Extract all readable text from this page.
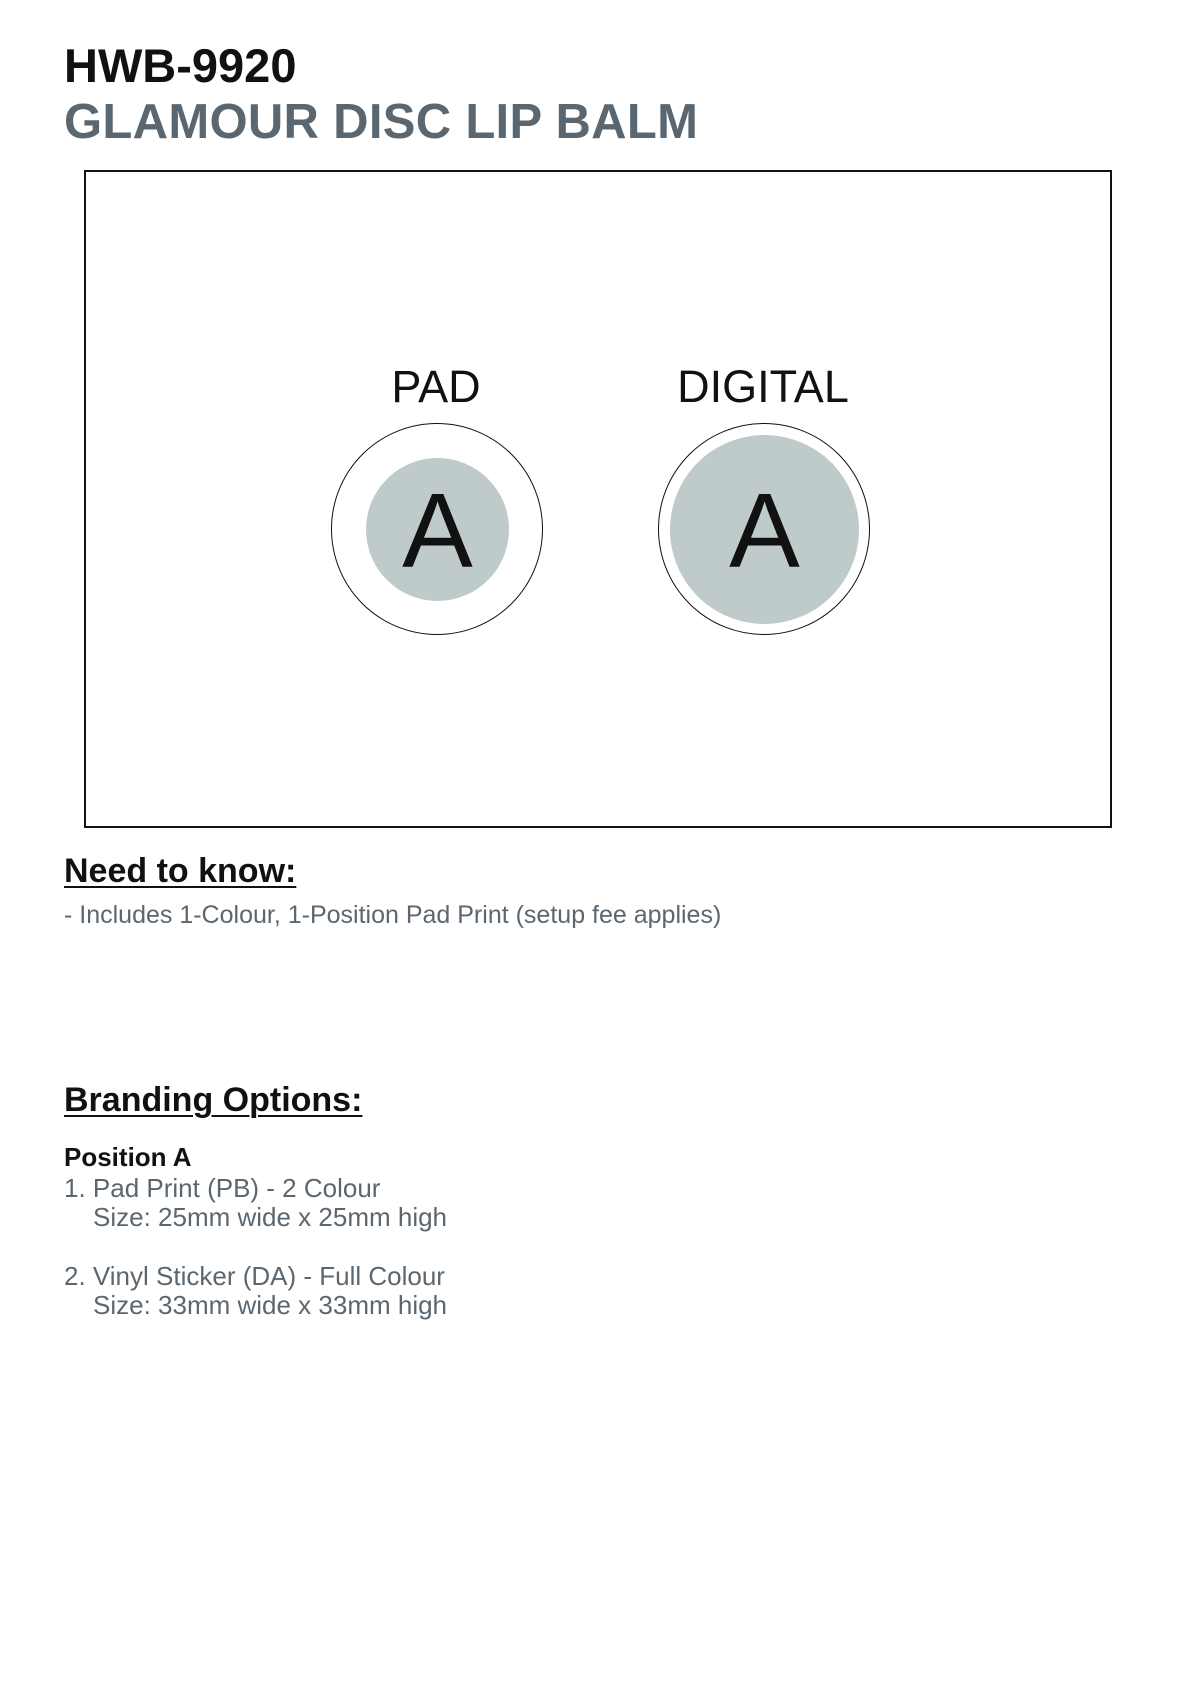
HWB-9920
GLAMOUR DISC LIP BALM
PAD
A
DIGITAL
A
Need to know:

- Includes 1-Colour, 1-Position Pad Print (setup fee applies)

Branding Options:

Position A

1. Pad Print (PB) - 2 Colour
Size: 25mm wide x 25mm high

2. Vinyl Sticker (DA) - Full Colour
Size: 33mm wide x 33mm high
